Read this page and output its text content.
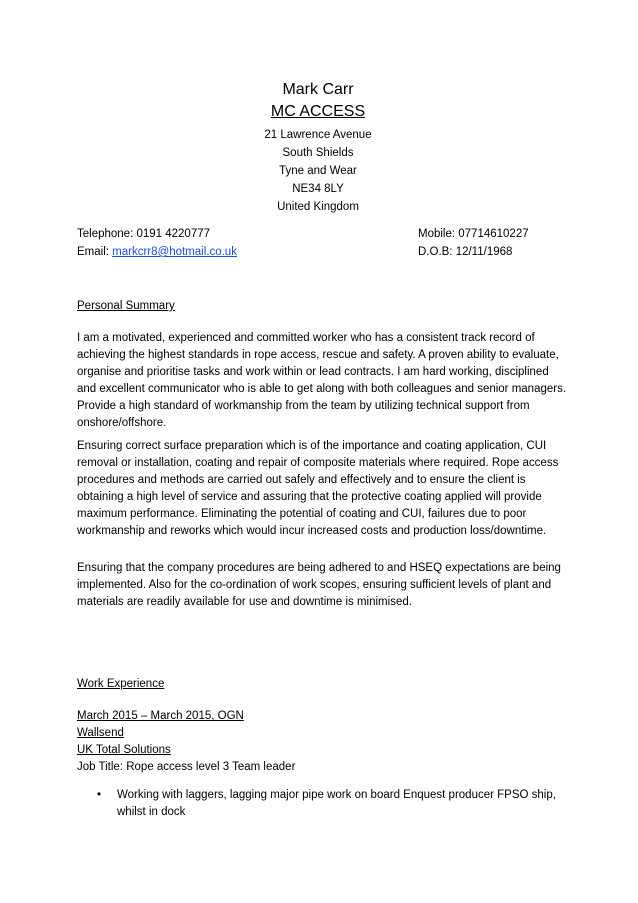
Mark Carr
MC ACCESS
21 Lawrence Avenue
South Shields
Tyne and Wear
NE34 8LY
United Kingdom
Telephone: 0191 4220777
Email: markcrr8@hotmail.co.uk
Mobile: 07714610227
D.O.B: 12/11/1968
Personal Summary

I am a motivated, experienced and committed worker who has a consistent track record of achieving the highest standards in rope access, rescue and safety. A proven ability to evaluate, organise and prioritise tasks and work within or lead contracts. I am hard working, disciplined and excellent communicator who is able to get along with both colleagues and senior managers. Provide a high standard of workmanship from the team by utilizing technical support from onshore/offshore.

Ensuring correct surface preparation which is of the importance and coating application, CUI removal or installation, coating and repair of composite materials where required. Rope access procedures and methods are carried out safely and effectively and to ensure the client is obtaining a high level of service and assuring that the protective coating applied will provide maximum performance. Eliminating the potential of coating and CUI, failures due to poor workmanship and reworks which would incur increased costs and production loss/downtime.

Ensuring that the company procedures are being adhered to and HSEQ expectations are being implemented. Also for the co-ordination of work scopes, ensuring sufficient levels of plant and materials are readily available for use and downtime is minimised.

Work Experience
March 2015 – March 2015, OGN
Wallsend
UK Total Solutions
Job Title: Rope access level 3 Team leader
• Working with laggers, lagging major pipe work on board Enquest producer FPSO ship, whilst in dock
